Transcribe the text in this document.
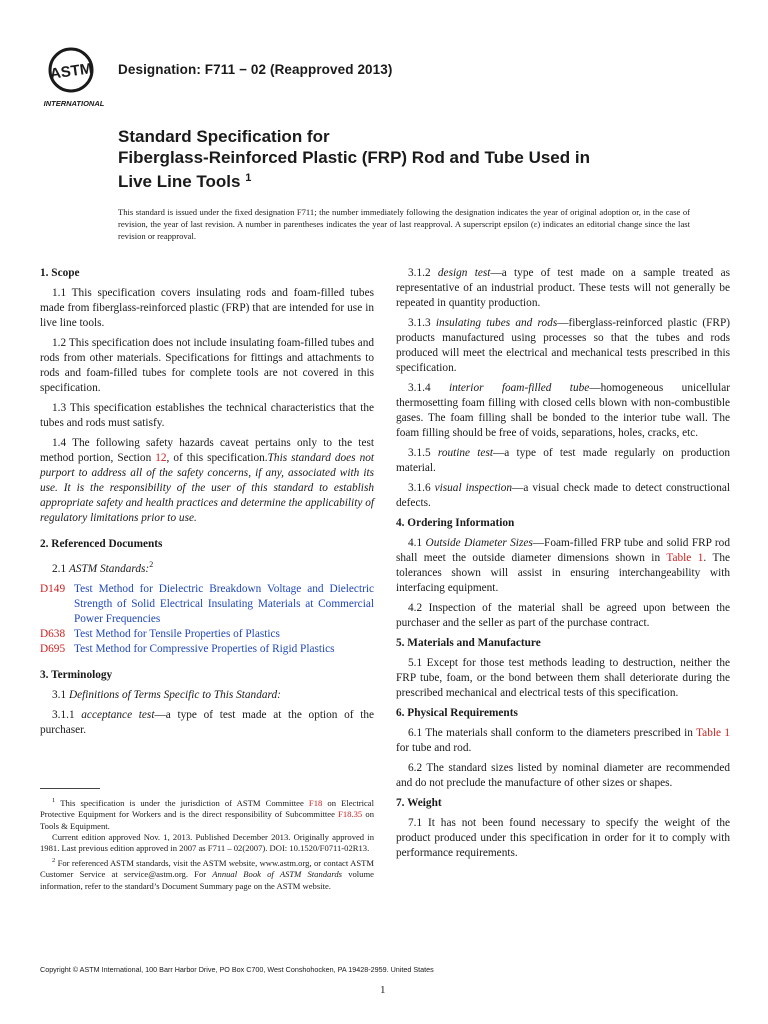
ASTM
INTERNATIONAL
Designation: F711 − 02 (Reapproved 2013)
Standard Specification for
Fiberglass-Reinforced Plastic (FRP) Rod and Tube Used in
Live Line Tools $^1$
This standard is issued under the fixed designation F711; the number immediately following the designation indicates the year of original adoption or, in the case of revision, the year of last revision. A number in parentheses indicates the year of last reapproval. A superscript epsilon (ε) indicates an editorial change since the last revision or reapproval.
1. Scope

1.1 This specification covers insulating rods and foam-filled tubes made from fiberglass-reinforced plastic (FRP) that are intended for use in live line tools.

1.2 This specification does not include insulating foam-filled tubes and rods from other materials. Specifications for fittings and attachments to rods and foam-filled tubes for complete tools are not covered in this specification.

1.3 This specification establishes the technical characteristics that the tubes and rods must satisfy.

1.4 The following safety hazards caveat pertains only to the test method portion, Section 12, of this specification.This standard does not purport to address all of the safety concerns, if any, associated with its use. It is the responsibility of the user of this standard to establish appropriate safety and health practices and determine the applicability of regulatory limitations prior to use.

2. Referenced Documents

2.1 ASTM Standards:$^2$

D149 Test Method for Dielectric Breakdown Voltage and Dielectric Strength of Solid Electrical Insulating Materials at Commercial Power Frequencies
D638 Test Method for Tensile Properties of Plastics
D695 Test Method for Compressive Properties of Rigid Plastics
3. Terminology

3.1 Definitions of Terms Specific to This Standard:

3.1.1 acceptance test—a type of test made at the option of the purchaser.

$^1$ This specification is under the jurisdiction of ASTM Committee F18 on Electrical Protective Equipment for Workers and is the direct responsibility of Subcommittee F18.35 on Tools & Equipment.

Current edition approved Nov. 1, 2013. Published December 2013. Originally approved in 1981. Last previous edition approved in 2007 as F711 – 02(2007). DOI: 10.1520/F0711-02R13.

$^2$ For referenced ASTM standards, visit the ASTM website, www.astm.org, or contact ASTM Customer Service at service@astm.org. For Annual Book of ASTM Standards volume information, refer to the standard’s Document Summary page on the ASTM website.

3.1.2 design test—a type of test made on a sample treated as representative of an industrial product. These tests will not generally be repeated in quantity production.

3.1.3 insulating tubes and rods—fiberglass-reinforced plastic (FRP) products manufactured using processes so that the tubes and rods produced will meet the electrical and mechanical tests prescribed in this specification.

3.1.4 interior foam-filled tube—homogeneous unicellular thermosetting foam filling with closed cells blown with non-combustible gases. The foam filling shall be bonded to the interior tube wall. The foam filling should be free of voids, separations, holes, cracks, etc.

3.1.5 routine test—a type of test made regularly on production material.

3.1.6 visual inspection—a visual check made to detect constructional defects.

4. Ordering Information

4.1 Outside Diameter Sizes—Foam-filled FRP tube and solid FRP rod shall meet the outside diameter dimensions shown in Table 1. The tolerances shown will assist in ensuring interchangeability with interfacing equipment.

4.2 Inspection of the material shall be agreed upon between the purchaser and the seller as part of the purchase contract.

5. Materials and Manufacture

5.1 Except for those test methods leading to destruction, neither the FRP tube, foam, or the bond between them shall deteriorate during the prescribed mechanical and electrical tests of this specification.

6. Physical Requirements

6.1 The materials shall conform to the diameters prescribed in Table 1 for tube and rod.

6.2 The standard sizes listed by nominal diameter are recommended and do not preclude the manufacture of other sizes or shapes.

7. Weight

7.1 It has not been found necessary to specify the weight of the product produced under this specification in order for it to comply with performance requirements.

Copyright © ASTM International, 100 Barr Harbor Drive, PO Box C700, West Conshohocken, PA 19428-2959. United States
1
